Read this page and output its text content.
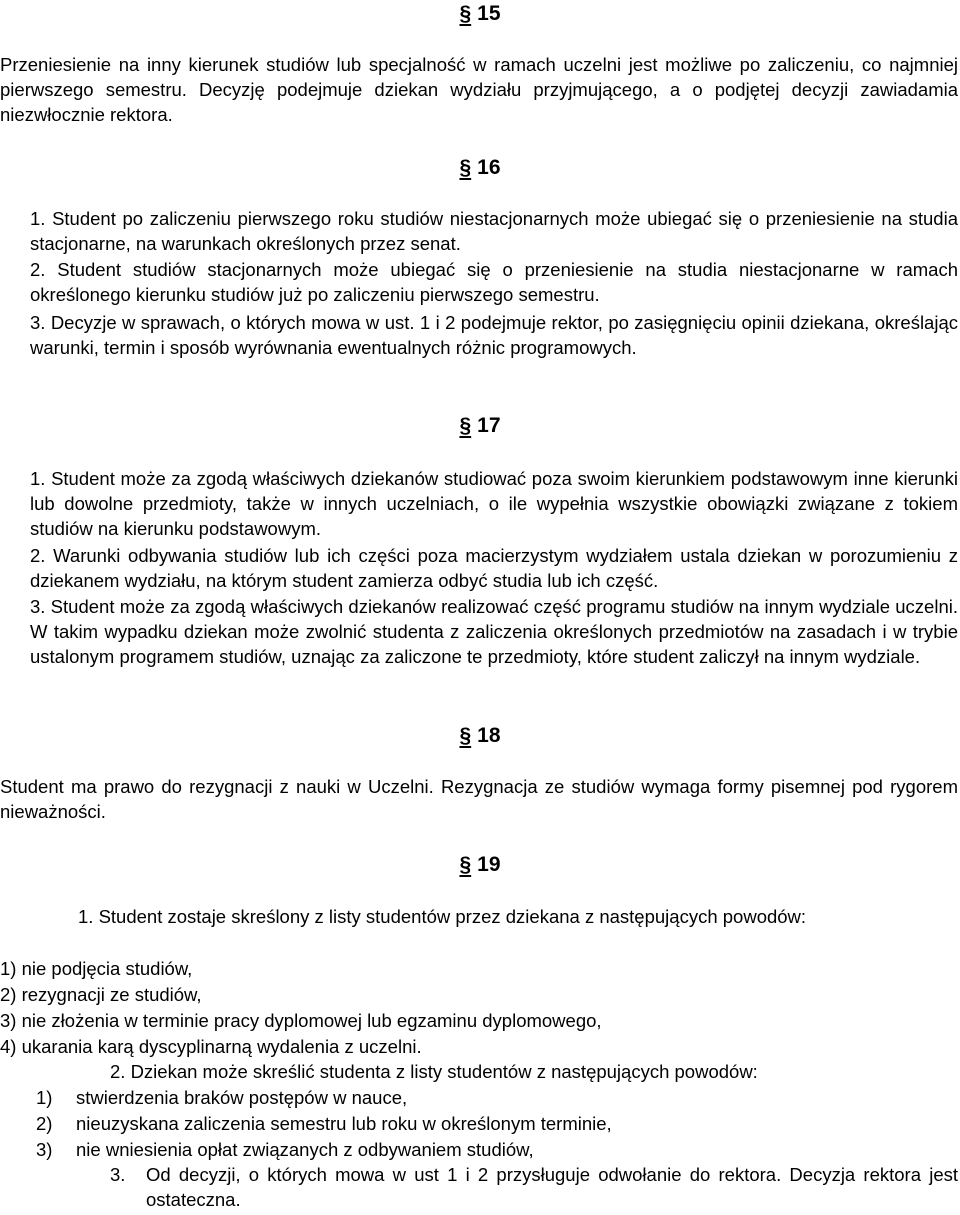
§ 15
Przeniesienie na inny kierunek studiów lub specjalność w ramach uczelni jest możliwe po zaliczeniu, co najmniej pierwszego semestru. Decyzję podejmuje dziekan wydziału przyjmującego, a o podjętej decyzji zawiadamia niezwłocznie rektora.
§ 16
1. Student po zaliczeniu pierwszego roku studiów niestacjonarnych może ubiegać się o przeniesienie na studia stacjonarne, na warunkach określonych przez senat.
2. Student studiów stacjonarnych może ubiegać się o przeniesienie na studia niestacjonarne w ramach określonego kierunku studiów już po zaliczeniu pierwszego semestru.
3. Decyzje w sprawach, o których mowa w ust. 1 i 2 podejmuje rektor, po zasięgnięciu opinii dziekana, określając warunki, termin i sposób wyrównania ewentualnych różnic programowych.
§ 17
1. Student może za zgodą właściwych dziekanów studiować poza swoim kierunkiem podstawowym inne kierunki lub dowolne przedmioty, także w innych uczelniach, o ile wypełnia wszystkie obowiązki związane z tokiem studiów na kierunku podstawowym.
2. Warunki odbywania studiów lub ich części poza macierzystym wydziałem ustala dziekan w porozumieniu z dziekanem wydziału, na którym student zamierza odbyć studia lub ich część.
3. Student może za zgodą właściwych dziekanów realizować część programu studiów na innym wydziale uczelni. W takim wypadku dziekan może zwolnić studenta z zaliczenia określonych przedmiotów na zasadach i w trybie ustalonym programem studiów, uznając za zaliczone te przedmioty, które student zaliczył na innym wydziale.
§ 18
Student ma prawo do rezygnacji z nauki w Uczelni. Rezygnacja ze studiów wymaga formy pisemnej pod rygorem nieważności.
§ 19
1. Student zostaje skreślony z listy studentów przez dziekana z następujących powodów:
1) nie podjęcia studiów,
2) rezygnacji ze studiów,
3) nie złożenia w terminie pracy dyplomowej lub egzaminu dyplomowego,
4) ukarania karą dyscyplinarną wydalenia z uczelni.
2. Dziekan może skreślić studenta z listy studentów z następujących powodów:
1) stwierdzenia braków postępów w nauce,
2) nieuzyskana zaliczenia semestru lub roku w określonym terminie,
3) nie wniesienia opłat związanych z odbywaniem studiów,
3. Od decyzji, o których mowa w ust 1 i 2 przysługuje odwołanie do rektora. Decyzja rektora jest ostateczna.
